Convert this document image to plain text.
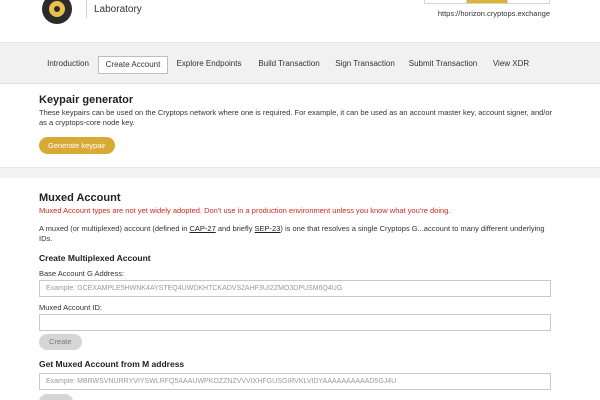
Laboratory	https://horizon.cryptops.exchange
Introduction	Create Account	Explore Endpoints	Build Transaction	Sign Transaction	Submit Transaction	View XDR
Keypair generator
These keypairs can be used on the Cryptops network where one is required. For example, it can be used as an account master key, account signer, and/or as a cryptops-core node key.
Generate keypair
Muxed Account
Muxed Account types are not yet widely adopted. Don't use in a production environment unless you know what you're doing.
A muxed (or multiplexed) account (defined in CAP-27 and briefly SEP-23) is one that resolves a single Cryptops G...account to many different underlying IDs.
Create Multiplexed Account
Base Account G Address:
Example: GCEXAMPLE5HWNK4AYSTEQ4UWDKHTCKADVS2AHF3UI2ZMO3DPUSM6Q4UG
Muxed Account ID:
Create
Get Muxed Account from M address
Example: MBRWSVNURRYVIYSWLRFQ5AAAUWPKOZZNZVVVIXHFGUSGIRVKLVIDYAAAAAAAAAAD5GJ4U
